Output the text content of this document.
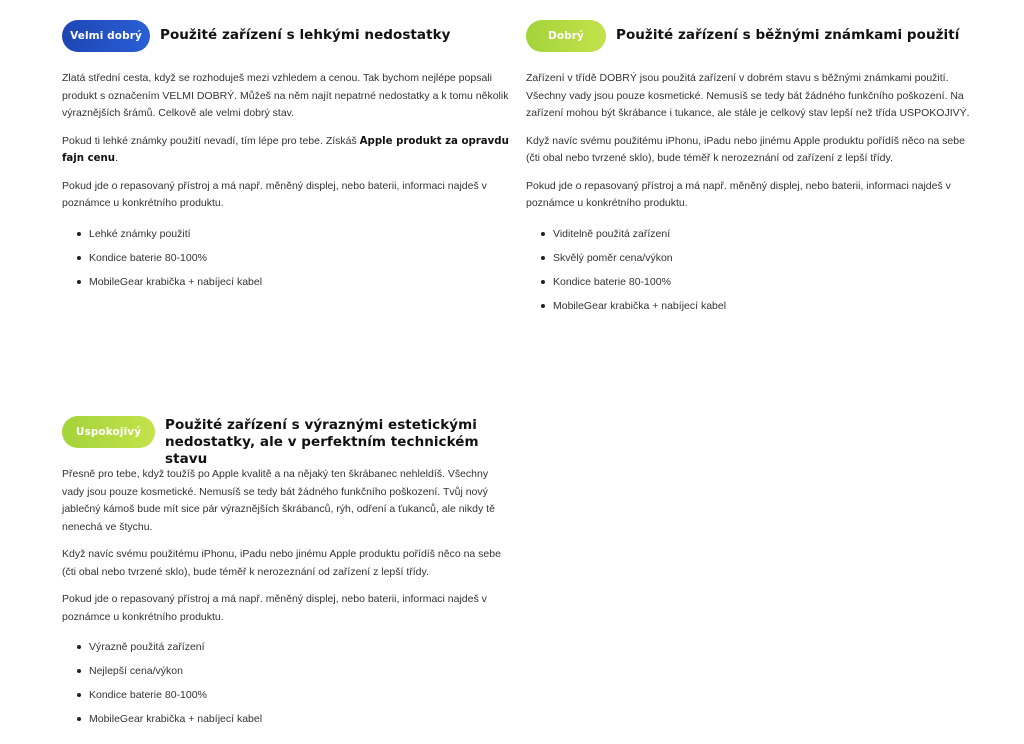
Velmi dobrý	Použité zařízení s lehkými nedostatky

Zlatá střední cesta, když se rozhoduješ mezi vzhledem a cenou. Tak bychom nejlépe popsali produkt s označením VELMI DOBRÝ. Můžeš na něm najít nepatrné nedostatky a k tomu několik výraznějších šrámů. Celkově ale velmi dobrý stav.

Pokud ti lehké známky použití nevadí, tím lépe pro tebe. Získáš Apple produkt za opravdu fajn cenu.

Pokud jde o repasovaný přístroj a má např. měněný displej, nebo baterii, informaci najdeš v poznámce u konkrétního produktu.

Lehké známky použití
Kondice baterie 80-100%
MobileGear krabička + nabíjecí kabel
Dobrý	Použité zařízení s běžnými známkami použití

Zařízení v třídě DOBRÝ jsou použitá zařízení v dobrém stavu s běžnými známkami použití. Všechny vady jsou pouze kosmetické. Nemusíš se tedy bát žádného funkčního poškození. Na zařízení mohou být škrábance i tukance, ale stále je celkový stav lepší než třída USPOKOJIVÝ.

Když navíc svému použitému iPhonu, iPadu nebo jinému Apple produktu pořídíš něco na sebe (čti obal nebo tvrzené sklo), bude téměř k nerozeznání od zařízení z lepší třídy.

Pokud jde o repasovaný přístroj a má např. měněný displej, nebo baterii, informaci najdeš v poznámce u konkrétního produktu.

Viditelně použitá zařízení
Skvělý poměr cena/výkon
Kondice baterie 80-100%
MobileGear krabička + nabíjecí kabel
Uspokojivý	Použité zařízení s výraznými estetickými
nedostatky, ale v perfektním technickém stavu

Přesně pro tebe, když toužíš po Apple kvalitě a na nějaký ten škrábanec nehleldíš. Všechny vady jsou pouze kosmetické. Nemusíš se tedy bát žádného funkčního poškození. Tvůj nový jablečný kámoš bude mít sice pár výraznějších škrábanců, rýh, odření a ťukanců, ale nikdy tě nenechá ve štychu.

Když navíc svému použitému iPhonu, iPadu nebo jinému Apple produktu pořídíš něco na sebe (čti obal nebo tvrzené sklo), bude téměř k nerozeznání od zařízení z lepší třídy.

Pokud jde o repasovaný přístroj a má např. měněný displej, nebo baterii, informaci najdeš v poznámce u konkrétního produktu.

Výrazně použitá zařízení
Nejlepší cena/výkon
Kondice baterie 80-100%
MobileGear krabička + nabíjecí kabel
